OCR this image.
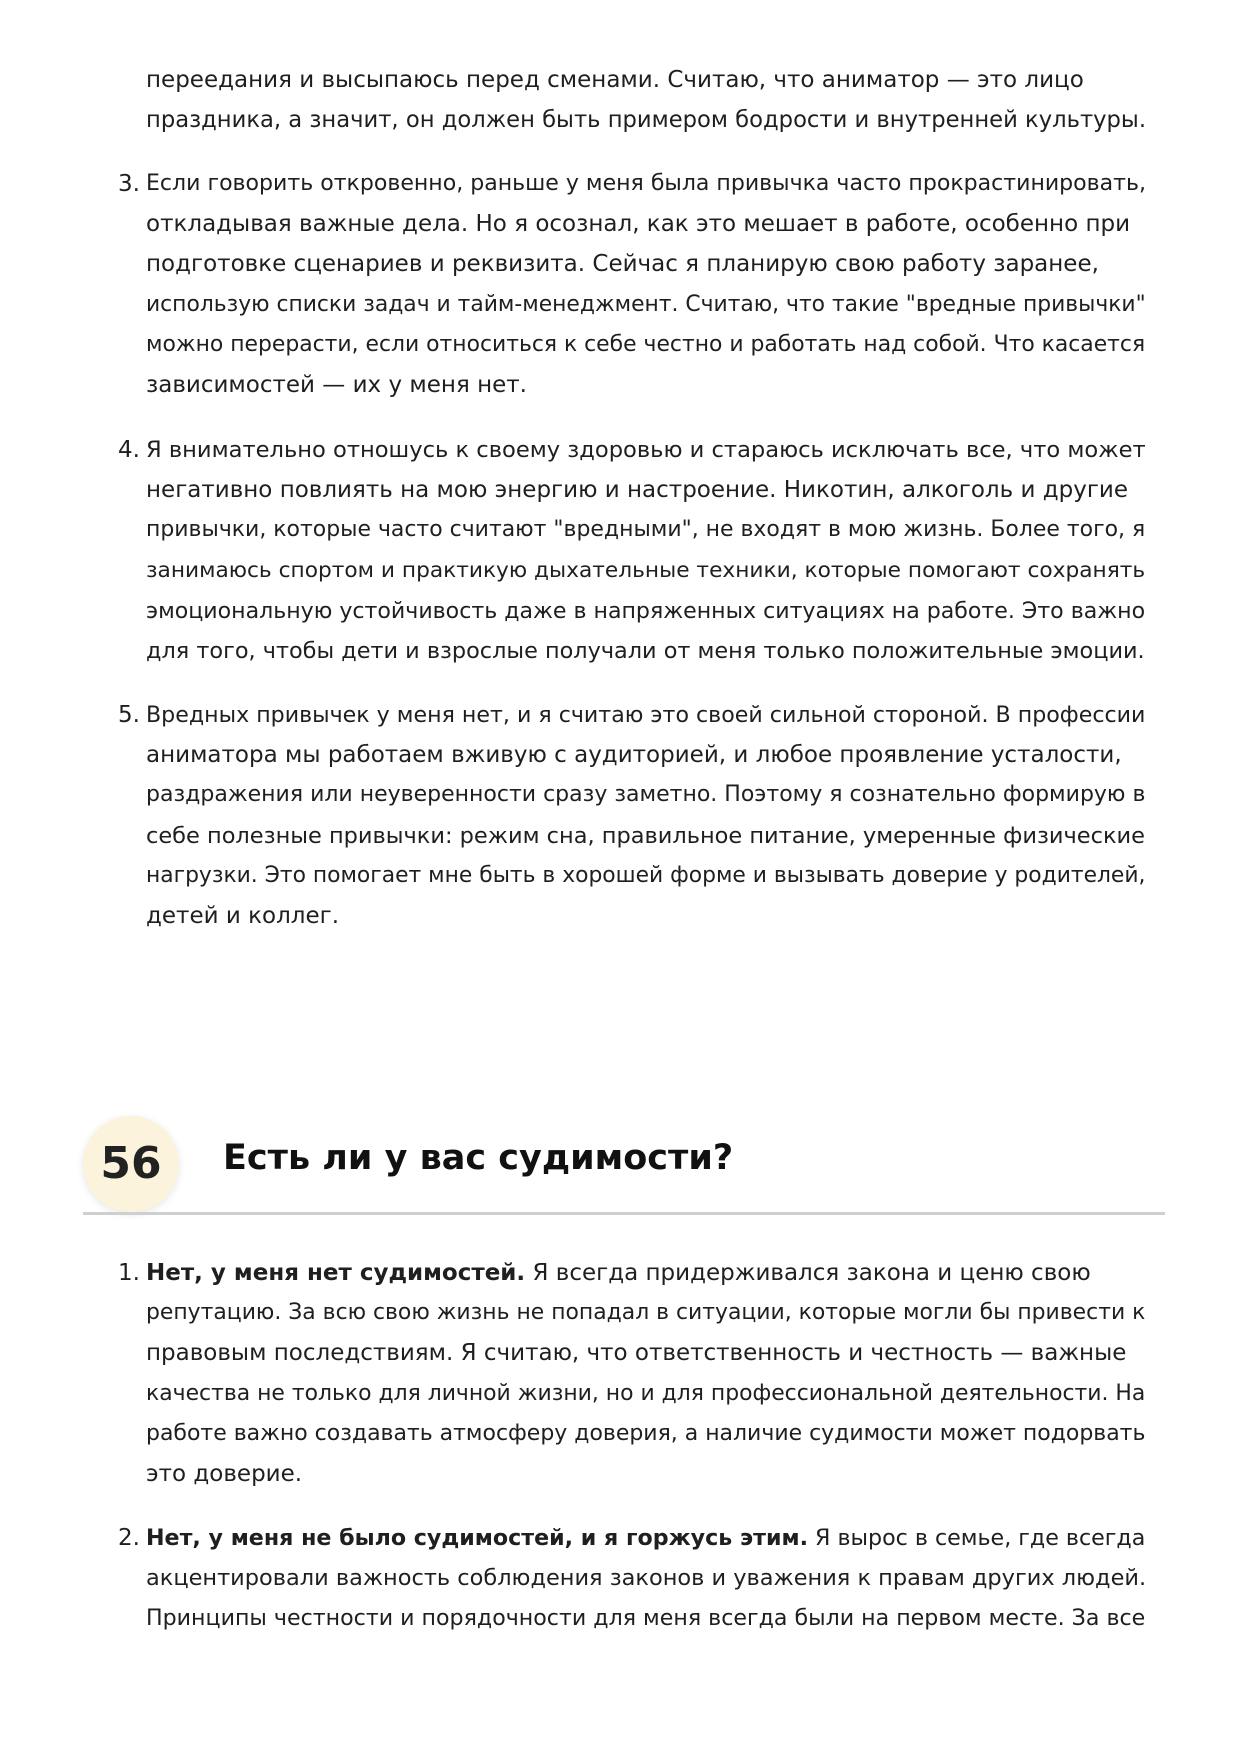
переедания и высыпаюсь перед сменами. Считаю, что аниматор — это лицо
праздника, а значит, он должен быть примером бодрости и внутренней культуры.
3. Если говорить откровенно, раньше у меня была привычка часто прокрастинировать,
откладывая важные дела. Но я осознал, как это мешает в работе, особенно при
подготовке сценариев и реквизита. Сейчас я планирую свою работу заранее,
использую списки задач и тайм-менеджмент. Считаю, что такие "вредные привычки"
можно перерасти, если относиться к себе честно и работать над собой. Что касается
зависимостей — их у меня нет.
4. Я внимательно отношусь к своему здоровью и стараюсь исключать все, что может
негативно повлиять на мою энергию и настроение. Никотин, алкоголь и другие
привычки, которые часто считают "вредными", не входят в мою жизнь. Более того, я
занимаюсь спортом и практикую дыхательные техники, которые помогают сохранять
эмоциональную устойчивость даже в напряженных ситуациях на работе. Это важно
для того, чтобы дети и взрослые получали от меня только положительные эмоции.
5. Вредных привычек у меня нет, и я считаю это своей сильной стороной. В профессии
аниматора мы работаем вживую с аудиторией, и любое проявление усталости,
раздражения или неуверенности сразу заметно. Поэтому я сознательно формирую в
себе полезные привычки: режим сна, правильное питание, умеренные физические
нагрузки. Это помогает мне быть в хорошей форме и вызывать доверие у родителей,
детей и коллег.
56	Есть ли у вас судимости?
1. Нет, у меня нет судимостей. Я всегда придерживался закона и ценю свою
репутацию. За всю свою жизнь не попадал в ситуации, которые могли бы привести к
правовым последствиям. Я считаю, что ответственность и честность — важные
качества не только для личной жизни, но и для профессиональной деятельности. На
работе важно создавать атмосферу доверия, а наличие судимости может подорвать
это доверие.
2. Нет, у меня не было судимостей, и я горжусь этим. Я вырос в семье, где всегда
акцентировали важность соблюдения законов и уважения к правам других людей.
Принципы честности и порядочности для меня всегда были на первом месте. За все
